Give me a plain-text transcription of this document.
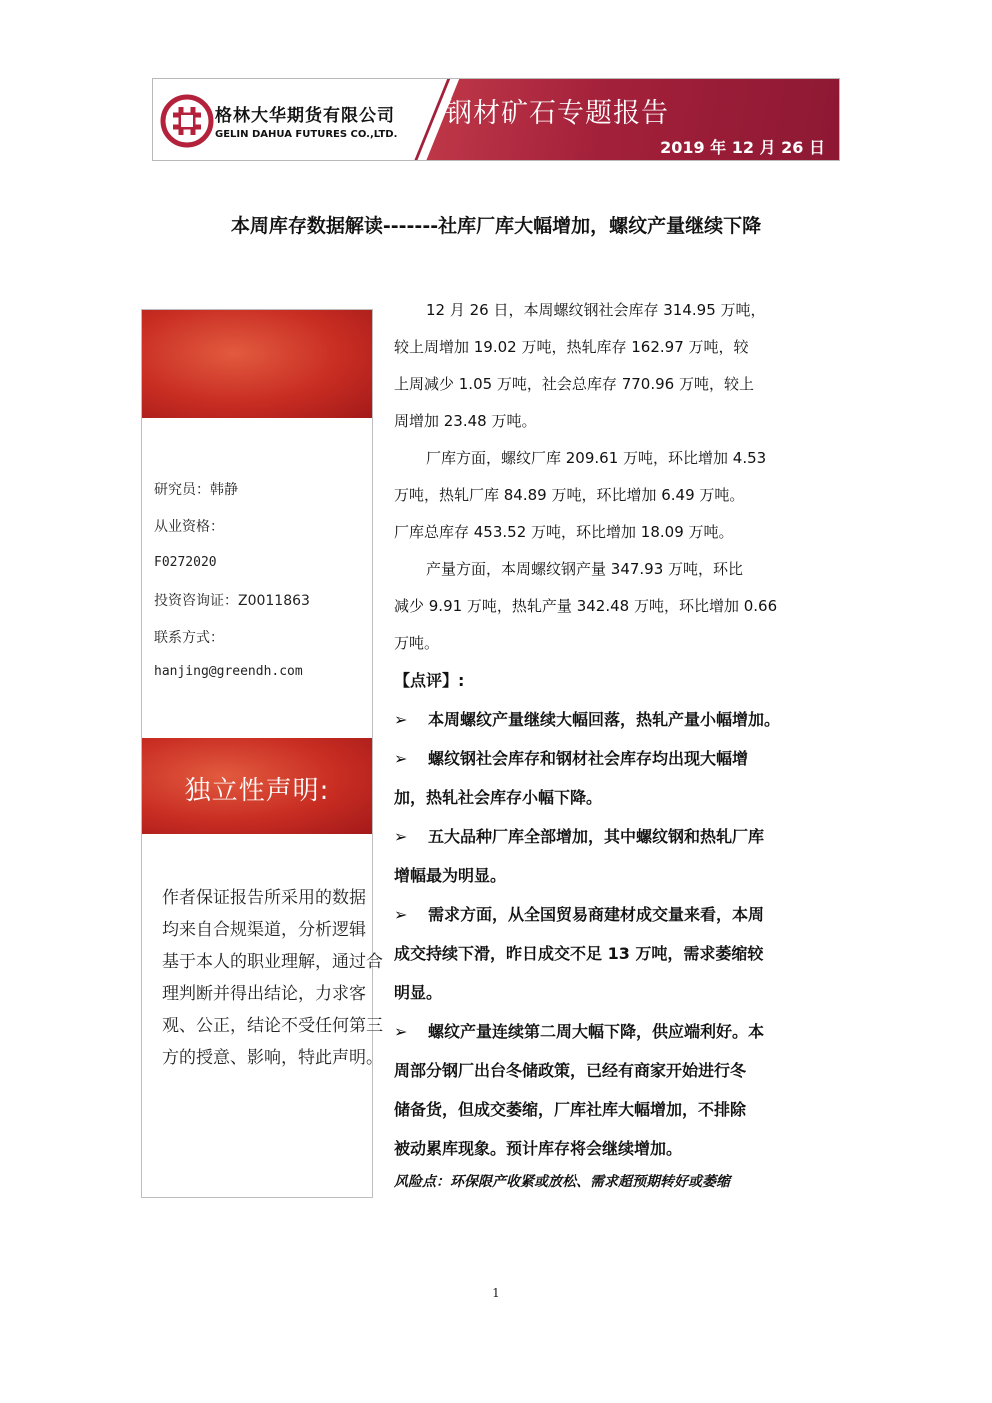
格林大华期货有限公司
GELIN DAHUA FUTURES CO.,LTD.
钢材矿石专题报告
2019 年 12 月 26 日
本周库存数据解读-------社库厂库大幅增加，螺纹产量继续下降
研究员：韩静
从业资格：
F0272020
投资咨询证：Z0011863
联系方式：
hanjing@greendh.com
独立性声明:
作者保证报告所采用的数据
均来自合规渠道，分析逻辑
基于本人的职业理解，通过合
理判断并得出结论，力求客
观、公正，结论不受任何第三
方的授意、影响，特此声明。

12 月 26 日，本周螺纹钢社会库存 314.95 万吨，
较上周增加 19.02 万吨，热轧库存 162.97 万吨，较
上周减少 1.05 万吨，社会总库存 770.96 万吨，较上
周增加 23.48 万吨。

厂库方面，螺纹厂库 209.61 万吨，环比增加 4.53
万吨，热轧厂库 84.89 万吨，环比增加 6.49 万吨。
厂库总库存 453.52 万吨，环比增加 18.09 万吨。

产量方面，本周螺纹钢产量 347.93 万吨，环比
减少 9.91 万吨，热轧产量 342.48 万吨，环比增加 0.66
万吨。

【点评】:

➢ 本周螺纹产量继续大幅回落，热轧产量小幅增加。

➢ 螺纹钢社会库存和钢材社会库存均出现大幅增
加，热轧社会库存小幅下降。

➢ 五大品种厂库全部增加，其中螺纹钢和热轧厂库
增幅最为明显。

➢ 需求方面，从全国贸易商建材成交量来看，本周
成交持续下滑，昨日成交不足 13 万吨，需求萎缩较
明显。

➢ 螺纹产量连续第二周大幅下降，供应端利好。本
周部分钢厂出台冬储政策，已经有商家开始进行冬
储备货，但成交萎缩，厂库社库大幅增加，不排除
被动累库现象。预计库存将会继续增加。

风险点：环保限产收紧或放松、需求超预期转好或萎缩

1
